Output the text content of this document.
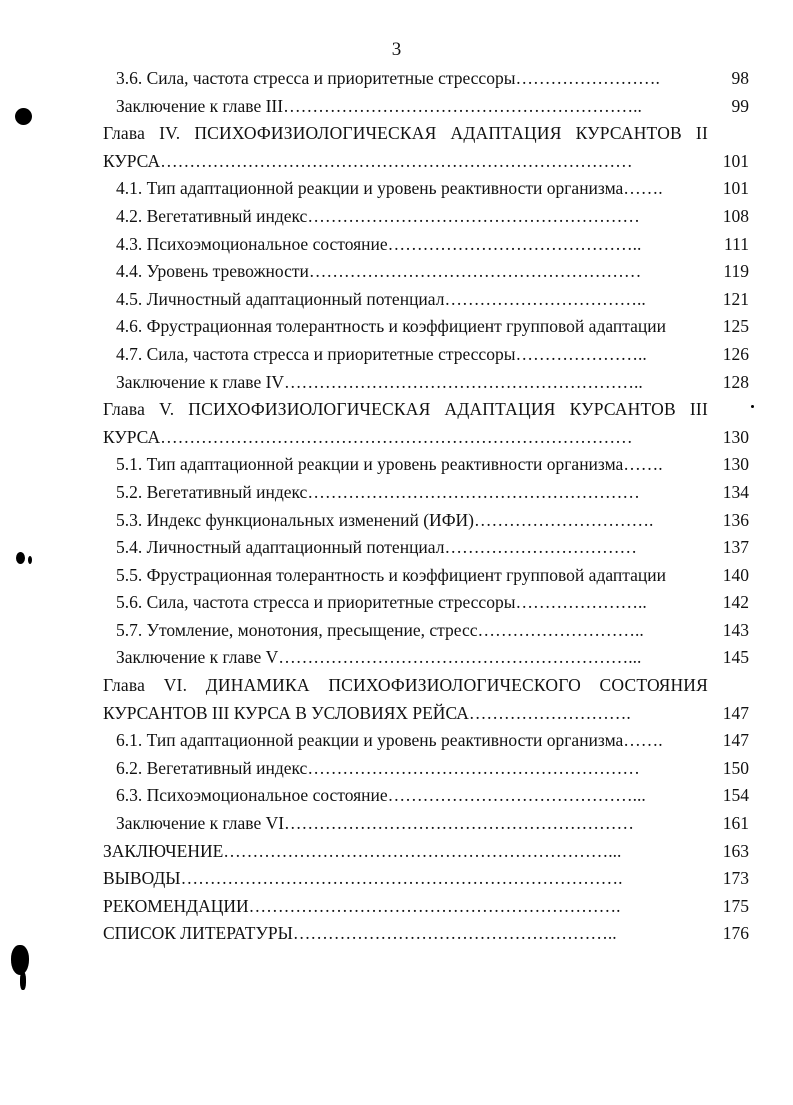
3
3.6. Сила, частота стресса и приоритетные стрессоры…………………….	98
Заключение к главе III……………………………………………………..	99
Глава IV. ПСИХОФИЗИОЛОГИЧЕСКАЯ АДАПТАЦИЯ КУРСАНТОВ II
КУРСА………………………………………………………………………	101
4.1. Тип адаптационной реакции и уровень реактивности организма…….	101
4.2. Вегетативный индекс…………………………………………………	108
4.3. Психоэмоциональное состояние……………………………………..	111
4.4. Уровень тревожности…………………………………………………	119
4.5. Личностный адаптационный потенциал……………………………..	121
4.6. Фрустрационная толерантность и коэффициент групповой адаптации	125
4.7. Сила, частота стресса и приоритетные стрессоры…………………..	126
Заключение к главе IV……………………………………………………..	128
Глава V. ПСИХОФИЗИОЛОГИЧЕСКАЯ АДАПТАЦИЯ КУРСАНТОВ III
КУРСА………………………………………………………………………	130
5.1. Тип адаптационной реакции и уровень реактивности организма…….	130
5.2. Вегетативный индекс…………………………………………………	134
5.3. Индекс функциональных изменений (ИФИ)………………………….	136
5.4. Личностный адаптационный потенциал……………………………	137
5.5. Фрустрационная толерантность и коэффициент групповой адаптации	140
5.6. Сила, частота стресса и приоритетные стрессоры…………………..	142
5.7. Утомление, монотония, пресыщение, стресс………………………..	143
Заключение к главе V……………………………………………………...	145
Глава VI. ДИНАМИКА ПСИХОФИЗИОЛОГИЧЕСКОГО СОСТОЯНИЯ
КУРСАНТОВ III КУРСА В УСЛОВИЯХ РЕЙСА……………………….	147
6.1. Тип адаптационной реакции и уровень реактивности организма…….	147
6.2. Вегетативный индекс…………………………………………………	150
6.3. Психоэмоциональное состояние……………………………………...	154
Заключение к главе VI……………………………………………………	161
ЗАКЛЮЧЕНИЕ…………………………………………………………...	163
ВЫВОДЫ………………………………………………………………….	173
РЕКОМЕНДАЦИИ……………………………………………………….	175
СПИСОК ЛИТЕРАТУРЫ………………………………………………..	176
